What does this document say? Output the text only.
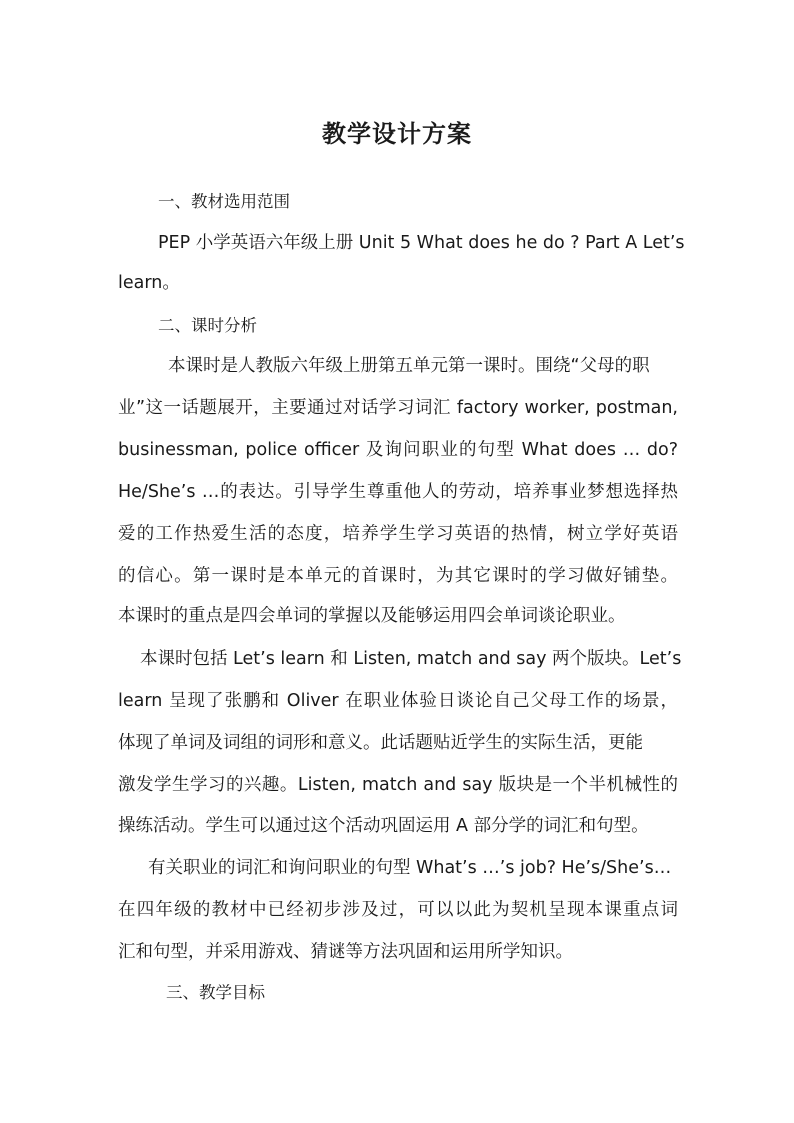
教学设计方案
一、教材选用范围
PEP 小学英语六年级上册 Unit 5 What does he do ? Part A Let’s
learn。
二、课时分析
本课时是人教版六年级上册第五单元第一课时。围绕“父母的职
业”这一话题展开，主要通过对话学习词汇 factory worker, postman,
businessman, police officer 及询问职业的句型 What does … do?
He/She’s …的表达。引导学生尊重他人的劳动，培养事业梦想选择热
爱的工作热爱生活的态度，培养学生学习英语的热情，树立学好英语
的信心。第一课时是本单元的首课时，为其它课时的学习做好铺垫。
本课时的重点是四会单词的掌握以及能够运用四会单词谈论职业。
本课时包括 Let’s learn 和 Listen, match and say 两个版块。Let’s
learn 呈现了张鹏和 Oliver 在职业体验日谈论自己父母工作的场景，
体现了单词及词组的词形和意义。此话题贴近学生的实际生活，更能
激发学生学习的兴趣。Listen, match and say 版块是一个半机械性的
操练活动。学生可以通过这个活动巩固运用 A 部分学的词汇和句型。
有关职业的词汇和询问职业的句型 What’s …’s job? He’s/She’s…
在四年级的教材中已经初步涉及过，可以以此为契机呈现本课重点词
汇和句型，并采用游戏、猜谜等方法巩固和运用所学知识。
三、教学目标
